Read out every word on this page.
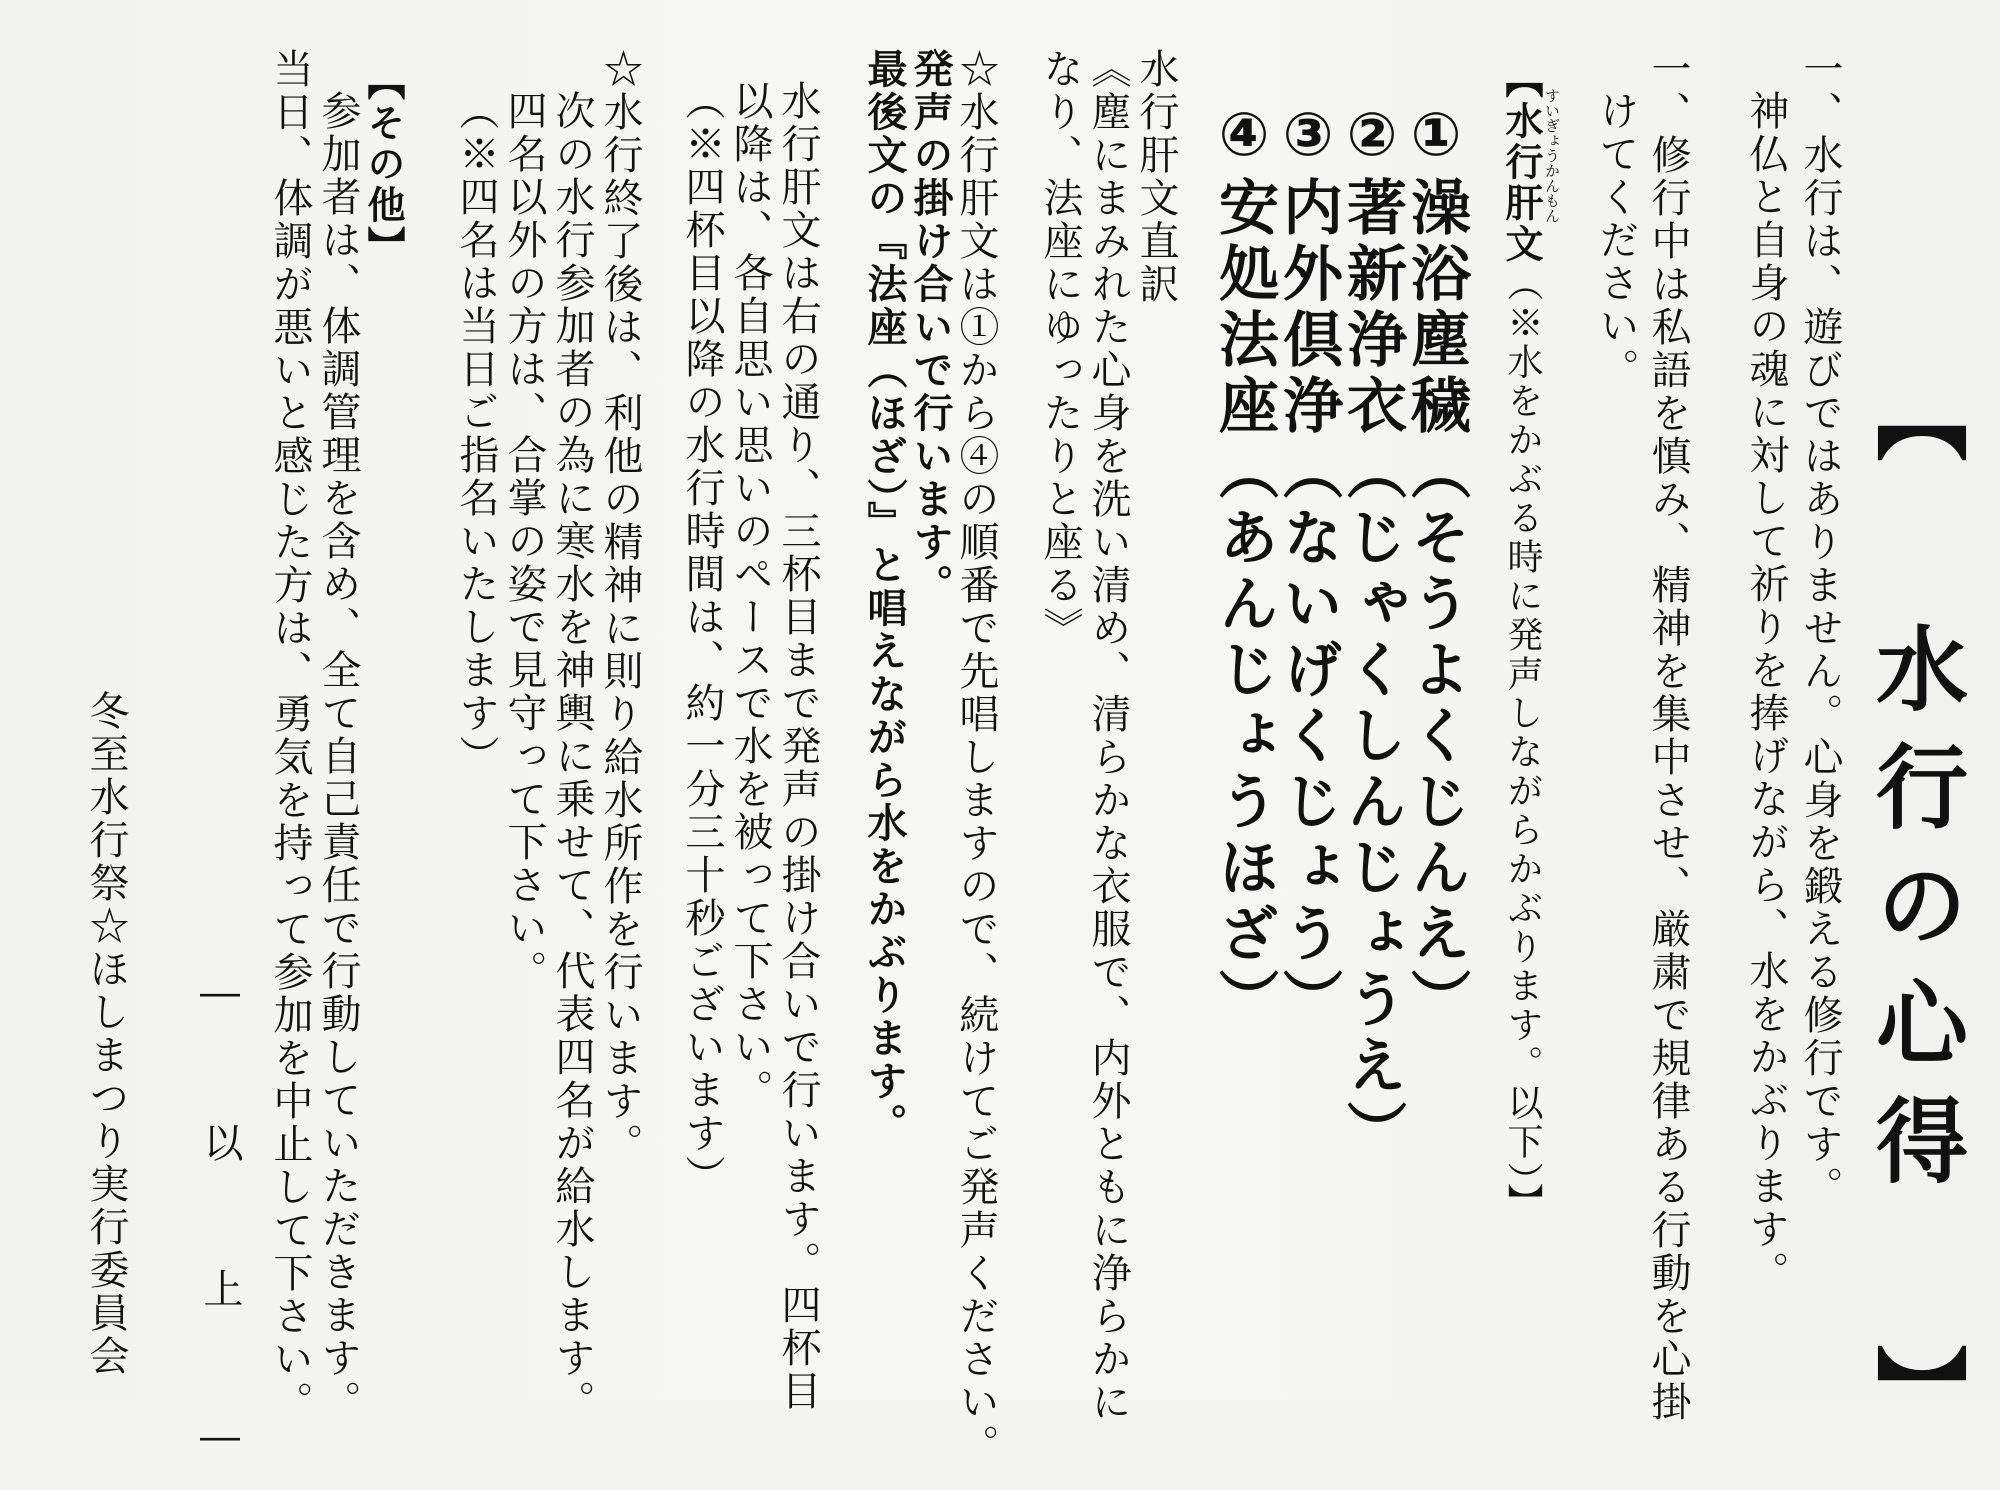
【 水行の心得 】
一、水行は、遊びではありません。心身を鍛える修行です。
神仏と自身の魂に対して祈りを捧げながら、水をかぶります。
一、修行中は私語を慎み、精神を集中させ、厳粛で規律ある行動を心掛
けてください。
【水行肝文 すいぎょうかんもん
（※水をかぶる時に発声しながらかぶります。以下）】
①澡浴塵穢（そうよくじんえ）
②著新浄衣（じゃくしんじょうえ）
③内外倶浄（ないげくじょう）
④安処法座（あんじょうほざ）
水行肝文直訳
《塵にまみれた心身を洗い清め、清らかな衣服で、内外ともに浄らかに
なり、法座にゆったりと座る》
☆水行肝文は①から④の順番で先唱しますので、続けてご発声ください。
発声の掛け合いで行います。
最後文の『法座（ほざ）』と唱えながら水をかぶります。
水行肝文は右の通り、三杯目まで発声の掛け合いで行います。四杯目
以降は、各自思い思いのペースで水を被って下さい。
（※四杯目以降の水行時間は、約一分三十秒ございます）
☆水行終了後は、利他の精神に則り給水所作を行います。
次の水行参加者の為に寒水を神輿に乗せて、代表四名が給水します。
四名以外の方は、合掌の姿で見守って下さい。
（※四名は当日ご指名いたします）
【その他】
参加者は、体調管理を含め、全て自己責任で行動していただきます。
当日、体調が悪いと感じた方は、勇気を持って参加を中止して下さい。
― 以 上 ―
冬至水行祭☆ほしまつり実行委員会
